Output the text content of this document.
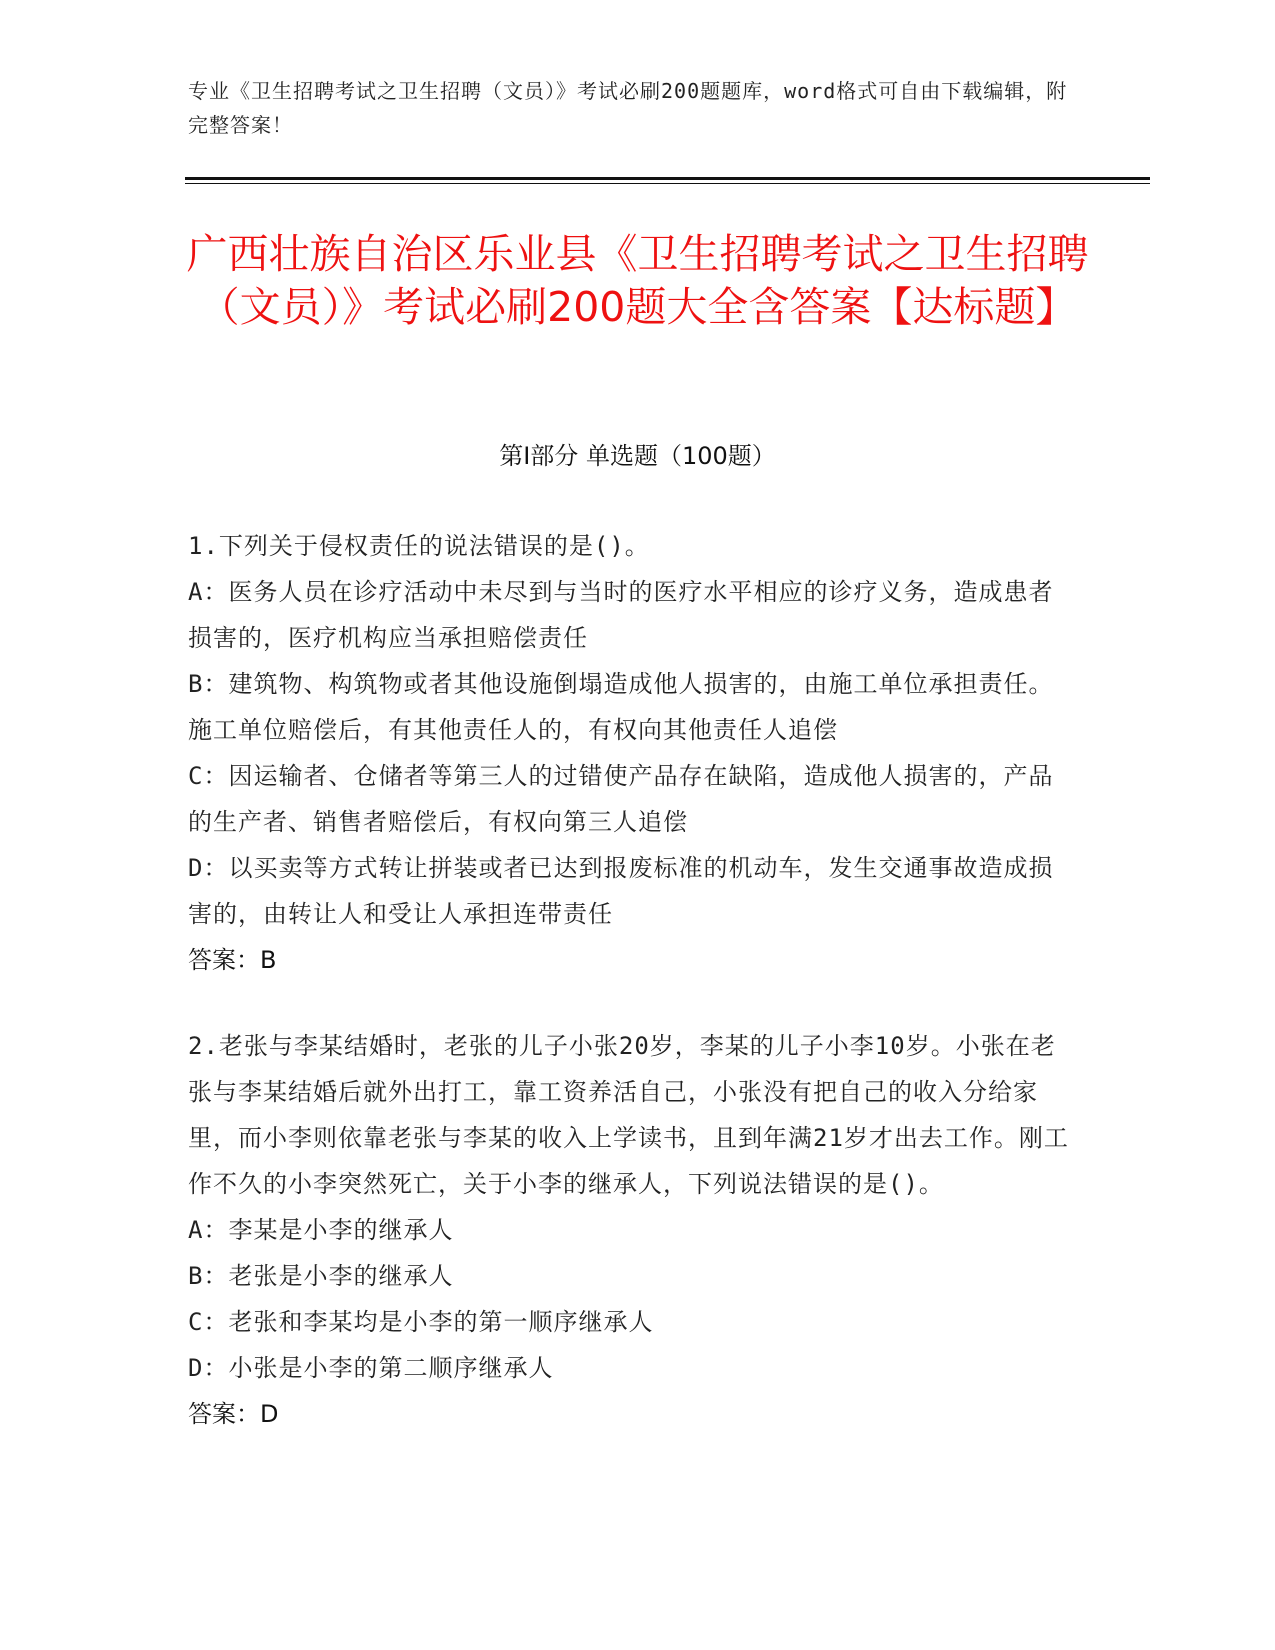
专业《卫生招聘考试之卫生招聘（文员）》考试必刷200题题库，word格式可自由下载编辑，附完整答案！
广西壮族自治区乐业县《卫生招聘考试之卫生招聘（文员）》考试必刷200题大全含答案【达标题】
第Ⅰ部分 单选题（100题）

1.下列关于侵权责任的说法错误的是()。

A：医务人员在诊疗活动中未尽到与当时的医疗水平相应的诊疗义务，造成患者损害的，医疗机构应当承担赔偿责任

B：建筑物、构筑物或者其他设施倒塌造成他人损害的，由施工单位承担责任。施工单位赔偿后，有其他责任人的，有权向其他责任人追偿

C：因运输者、仓储者等第三人的过错使产品存在缺陷，造成他人损害的，产品的生产者、销售者赔偿后，有权向第三人追偿

D：以买卖等方式转让拼装或者已达到报废标准的机动车，发生交通事故造成损害的，由转让人和受让人承担连带责任

答案：B

2.老张与李某结婚时，老张的儿子小张20岁，李某的儿子小李10岁。小张在老张与李某结婚后就外出打工，靠工资养活自己，小张没有把自己的收入分给家里，而小李则依靠老张与李某的收入上学读书，且到年满21岁才出去工作。刚工作不久的小李突然死亡，关于小李的继承人，下列说法错误的是()。

A：李某是小李的继承人

B：老张是小李的继承人

C：老张和李某均是小李的第一顺序继承人

D：小张是小李的第二顺序继承人

答案：D
